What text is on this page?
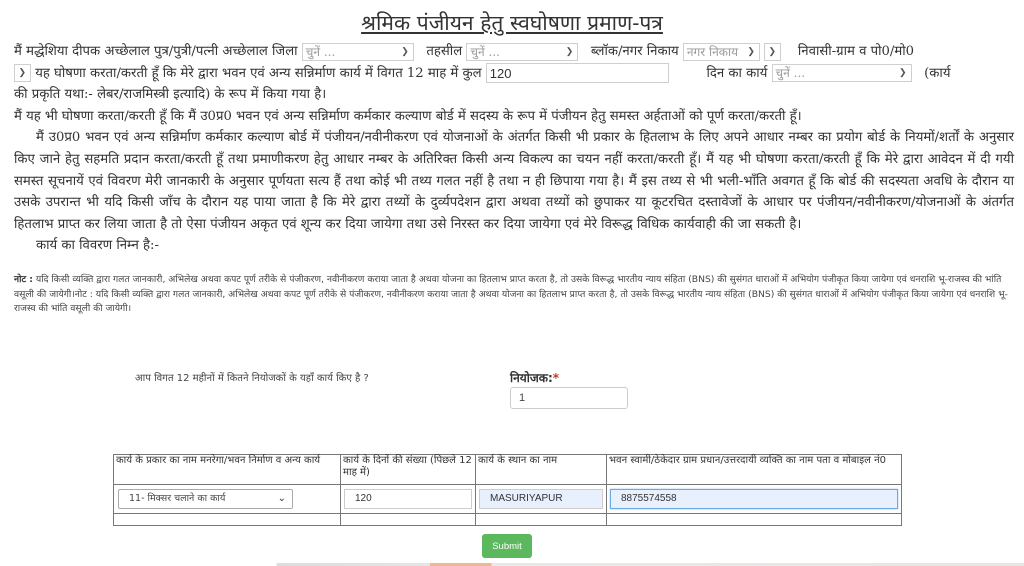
श्रमिक पंजीयन हेतु स्वघोषणा प्रमाण-पत्र

मैं मद्धेशिया दीपक अच्छेलाल पुत्र/पुत्री/पत्नी अच्छेलाल जिला चुनें ...	❯ तहसील चुनें ...	❯ ब्लॉक/नगर निकाय नगर निकाय ❯
❯ निवासी-ग्राम व पो0/मो0

❯ यह घोषणा करता/करती हूँ कि मेरे द्वारा भवन एवं अन्य सन्निर्माण कार्य में विगत 12 माह में कुल 120	दिन का कार्य चुनें ...	❯ (कार्य

की प्रकृति यथा:- लेबर/राजमिस्त्री इत्यादि) के रूप में किया गया है।

मैं यह भी घोषणा करता/करती हूँ कि मैं उ0प्र0 भवन एवं अन्य सन्निर्माण कर्मकार कल्याण बोर्ड में सदस्य के रूप में पंजीयन हेतु समस्त अर्हताओं को पूर्ण करता/करती हूँ।

मैं उ0प्र0 भवन एवं अन्य सन्निर्माण कर्मकार कल्याण बोर्ड में पंजीयन/नवीनीकरण एवं योजनाओं के अंतर्गत किसी भी प्रकार के हितलाभ के लिए अपने आधार नम्बर का प्रयोग बोर्ड के नियमों/शर्तों के अनुसार किए जाने हेतु सहमति प्रदान करता/करती हूँ तथा प्रमाणीकरण हेतु आधार नम्बर के अतिरिक्त किसी अन्य विकल्प का चयन नहीं करता/करती हूँ। मैं यह भी घोषणा करता/करती हूँ कि मेरे द्वारा आवेदन में दी गयी समस्त सूचनायें एवं विवरण मेरी जानकारी के अनुसार पूर्णयता सत्य हैं तथा कोई भी तथ्य गलत नहीं है तथा न ही छिपाया गया है। मैं इस तथ्य से भी भली-भाँति अवगत हूँ कि बोर्ड की सदस्यता अवधि के दौरान या उसके उपरान्त भी यदि किसी जाँच के दौरान यह पाया जाता है कि मेरे द्वारा तथ्यों के दुर्व्यपदेशन द्वारा अथवा तथ्यों को छुपाकर या कूटरचित दस्तावेजों के आधार पर पंजीयन/नवीनीकरण/योजनाओं के अंतर्गत हितलाभ प्राप्त कर लिया जाता है तो ऐसा पंजीयन अकृत एवं शून्य कर दिया जायेगा तथा उसे निरस्त कर दिया जायेगा एवं मेरे विरूद्ध विधिक कार्यवाही की जा सकती है।

कार्य का विवरण निम्न है:-

नोट : यदि किसी व्यक्ति द्वारा गलत जानकारी, अभिलेख अथवा कपट पूर्ण तरीके से पंजीकरण, नवीनीकरण कराया जाता है अथवा योजना का हितलाभ प्राप्त करता है, तो उसके विरूद्ध भारतीय न्याय संहिता (BNS) की सुसंगत धाराओं में अभियोग पंजीकृत किया जायेगा एवं धनराशि भू-राजस्व की भांति वसूली की जायेगी।नोट : यदि किसी व्यक्ति द्वारा गलत जानकारी, अभिलेख अथवा कपट पूर्ण तरीके से पंजीकरण, नवीनीकरण कराया जाता है अथवा योजना का हितलाभ प्राप्त करता है, तो उसके विरूद्ध भारतीय न्याय संहिता (BNS) की सुसंगत धाराओं में अभियोग पंजीकृत किया जायेगा एवं धनराशि भू-राजस्व की भांति वसूली की जायेगी।
आप विगत 12 महीनों में कितने नियोजकों के यहाँ कार्य किए है ?	नियोजक:*
1
कार्य के प्रकार का नाम मनरेगा/भवन निर्माण व अन्य कार्य	कार्य के दिनों की संख्या (पिछले 12 माह में)	कार्य के स्थान का नाम	भवन स्वामी/ठेकेदार ग्राम प्रधान/उत्तरदायी व्यक्ति का नाम पता व मोबाइल नं0

11- मिक्सर चलाने का कार्य ⌄	120	MASURIYAPUR	8875574558

Submit
